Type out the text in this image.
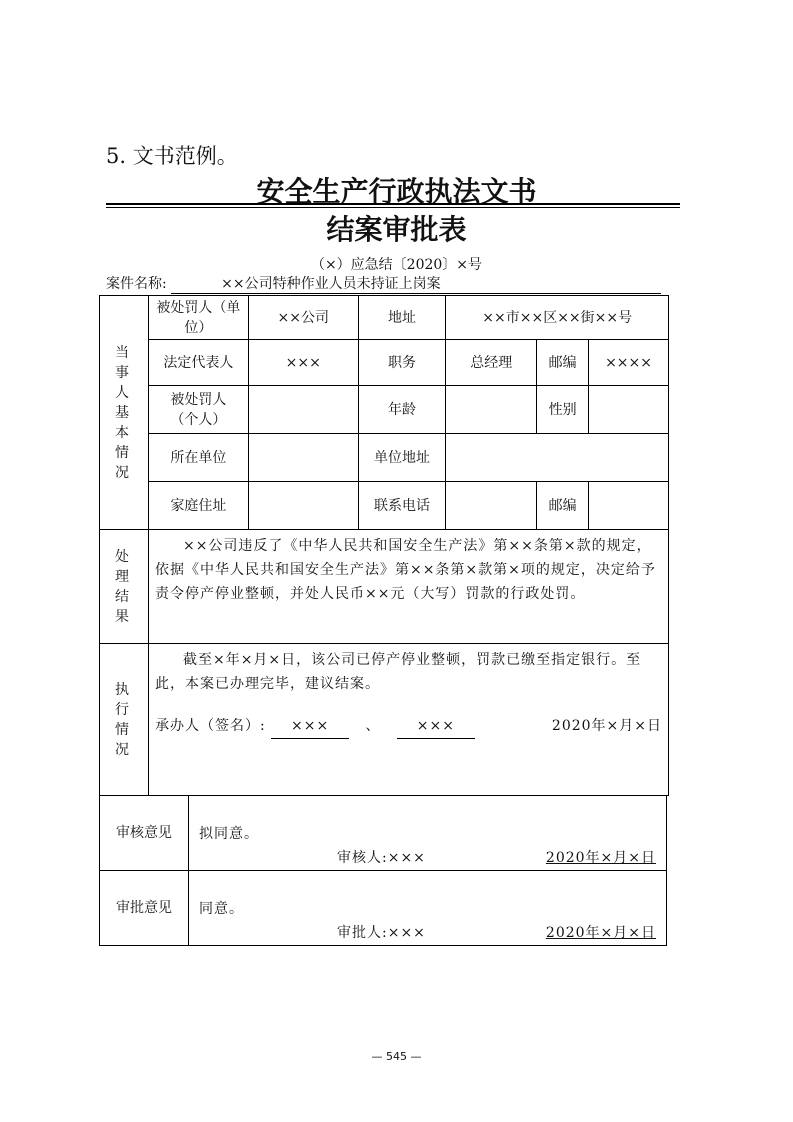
5. 文书范例。
安全生产行政执法文书
结案审批表
（×）应急结〔2020〕×号
案件名称:	××公司特种作业人员未持证上岗案
当事人基本情况	被处罚人（单位）	××公司	地址	××市××区××街××号		
	法定代表人	×××	职务	总经理	邮编	××××
	被处罚人（个人）		年龄		性别	
	所在单位		单位地址			
	家庭住址		联系电话		邮编	
处理结果	××公司违反了《中华人民共和国安全生产法》第××条第×款的规定，依据《中华人民共和国安全生产法》第××条第×款第×项的规定，决定给予责令停产停业整顿，并处人民币××元（大写）罚款的行政处罚。					
执行情况	截至×年×月×日，该公司已停产停业整顿，罚款已缴至指定银行。至此，本案已办理完毕，建议结案。
承办人（签名）: ××× 、 ××× 2020年×月×日					
审核意见	拟同意。
审核人:××× 2020年×月×日

审批意见	同意。
审批人:××× 2020年×月×日
— 545 —
